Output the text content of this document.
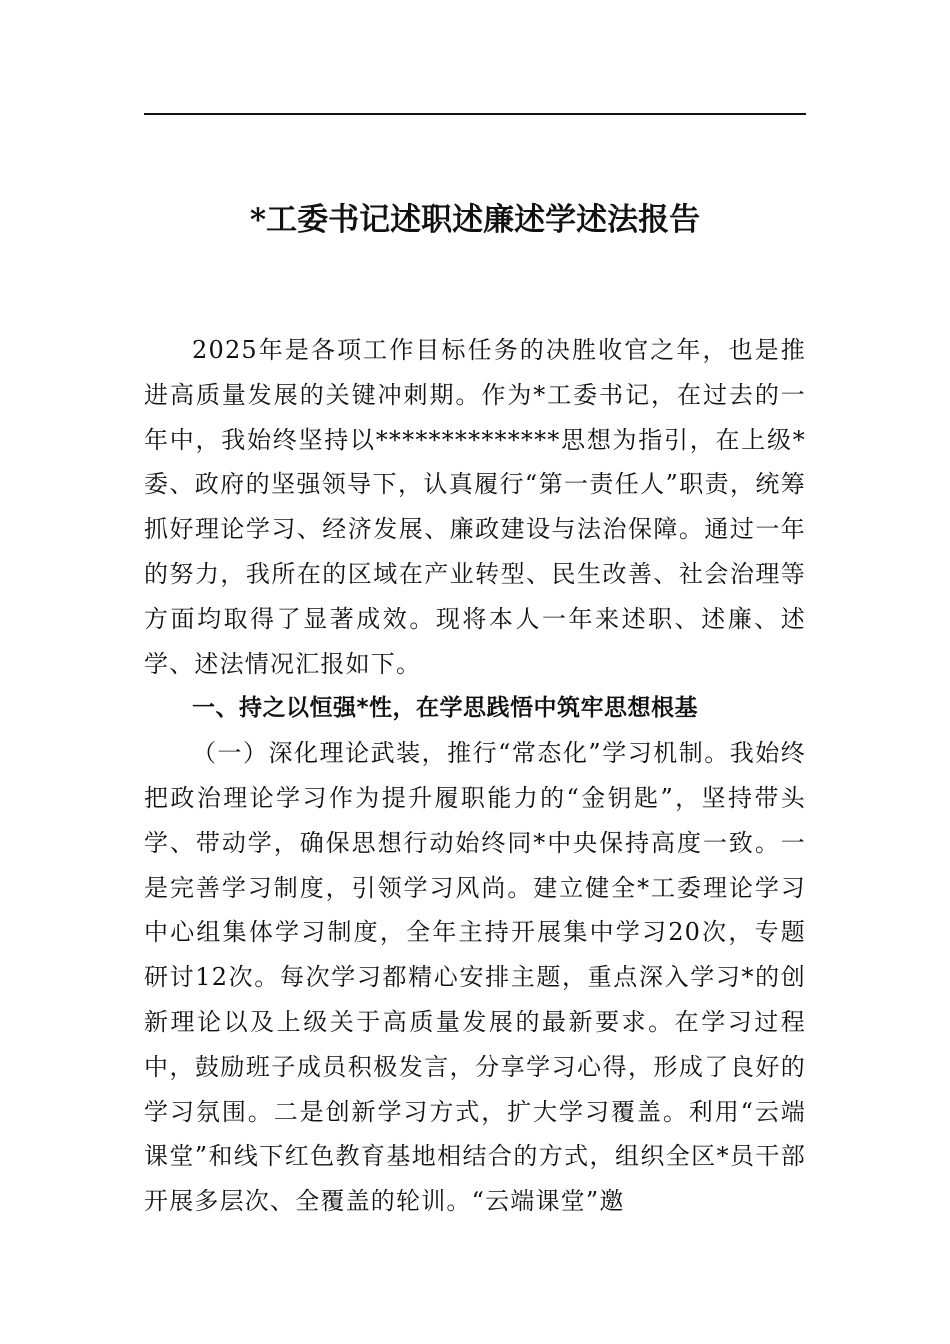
*工委书记述职述廉述学述法报告

2025年是各项工作目标任务的决胜收官之年，也是推进高质量发展的关键冲刺期。作为*工委书记，在过去的一年中，我始终坚持以**************思想为指引，在上级*委、政府的坚强领导下，认真履行“第一责任人”职责，统筹抓好理论学习、经济发展、廉政建设与法治保障。通过一年的努力，我所在的区域在产业转型、民生改善、社会治理等方面均取得了显著成效。现将本人一年来述职、述廉、述学、述法情况汇报如下。

一、持之以恒强*性，在学思践悟中筑牢思想根基

（一）深化理论武装，推行“常态化”学习机制。我始终把政治理论学习作为提升履职能力的“金钥匙”，坚持带头学、带动学，确保思想行动始终同*中央保持高度一致。一是完善学习制度，引领学习风尚。建立健全*工委理论学习中心组集体学习制度，全年主持开展集中学习20次，专题研讨12次。每次学习都精心安排主题，重点深入学习*的创新理论以及上级关于高质量发展的最新要求。在学习过程中，鼓励班子成员积极发言，分享学习心得，形成了良好的学习氛围。二是创新学习方式，扩大学习覆盖。利用“云端课堂”和线下红色教育基地相结合的方式，组织全区*员干部开展多层次、全覆盖的轮训。“云端课堂”邀
